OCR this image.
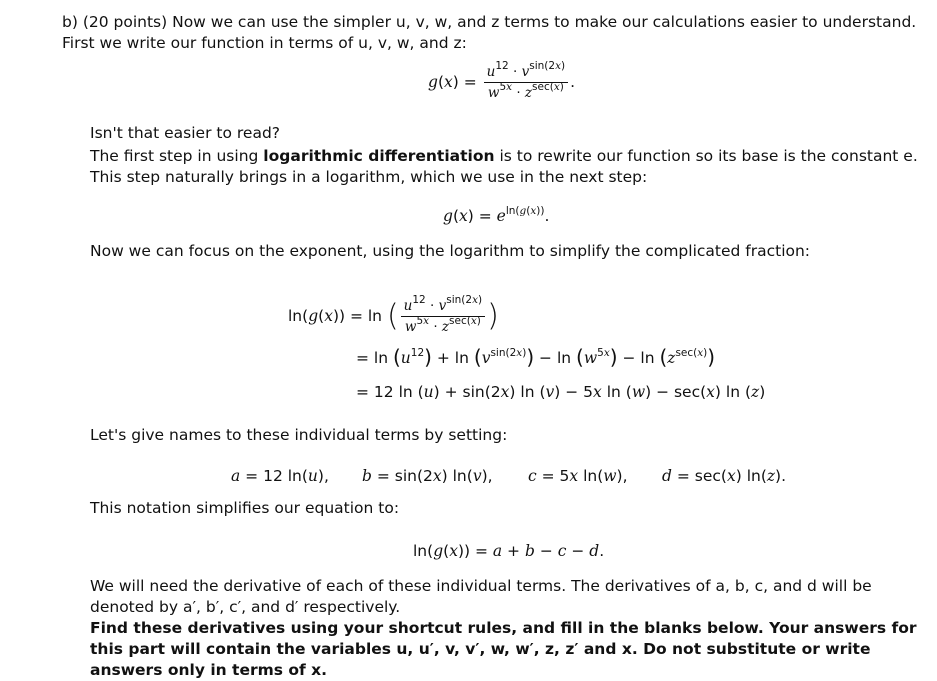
b) (20 points) Now we can use the simpler u, v, w, and z terms to make our calculations easier to understand. First we write our function in terms of u, v, w, and z:
$g(x) = \frac{u^{12} \cdot v^{sin(2x)}}{w^{5x} \cdot z^{sec(x)}}$ .
Isn't that easier to read?
The first step in using logarithmic differentiation is to rewrite our function so its base is the constant e. This step naturally brings in a logarithm, which we use in the next step:
$g(x) = e^{ln(g(x))}$.
Now we can focus on the exponent, using the logarithm to simplify the complicated fraction:
ln(g(x)) = ln ( $\frac{u^{12} \cdot v^{sin(2x)}}{w^{5x} \cdot z^{sec(x)}}$ )
= $\ln (u^{12}) + \ln (v^{sin(2x)}) - \ln (w^{5x}) - \ln (z^{sec(x)})$
= 12 ln (u) + sin(2x) ln (v) − 5x ln (w) − sec(x) ln (z)
Let's give names to these individual terms by setting:
a = 12 ln(u), b = sin(2x) ln(v), c = 5x ln(w), d = sec(x) ln(z).
This notation simplifies our equation to:
ln(g(x)) = a + b − c − d.
We will need the derivative of each of these individual terms. The derivatives of a, b, c, and d will be denoted by a′, b′, c′, and d′ respectively.
Find these derivatives using your shortcut rules, and fill in the blanks below. Your answers for this part will contain the variables u, u′, v, v′, w, w′, z, z′ and x. Do not substitute or write answers only in terms of x.
